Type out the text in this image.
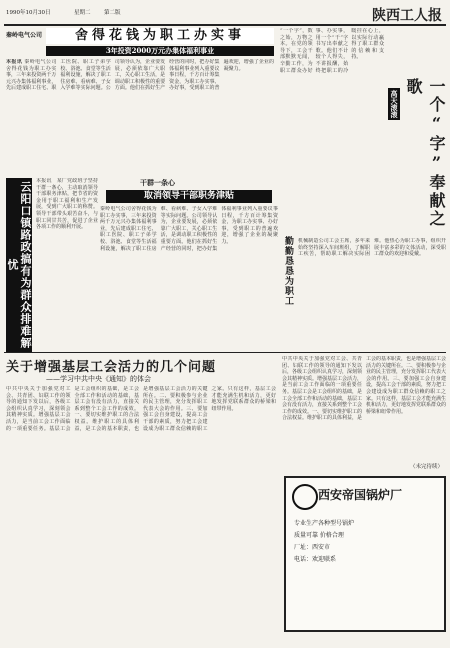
1990年10月30日	星期二 第二版	陕西工人报
秦岭电气公司	舍得花钱为职工办实事
3年投资2000万元办集体福利事业
本报讯 秦岭电气公司舍得花钱为职工办实事，三年来投资两千万元兴办集体福利事业，先后建成职工住宅、职工医院、职工子弟学校、浴池、食堂等生活福利设施，解决了职工住房难、看病难、子女入学难等实际问题。公司领导认为，企业要发展，必须依靠广大职工，关心职工生活，是调动职工积极性的重要方面。他们在抓好生产经营的同时，把办好集体福利事业列入重要议事日程，千方百计筹集资金，为职工办实事、办好事，受到职工的普遍欢迎，增强了企业的凝聚力。
“一个字”，数之始，万物之本。在党的领导下，工会干部默默无闻，辛勤工作，为职工群众办好事、办实事，用一个“干”字书写出奉献之歌。他们不计较个人得失，不讲报酬，始终把职工的冷暖挂在心上，以实际行动赢得了职工群众的信赖和支持。
高天滚滚	一个“字”奉献之歌
云阳口镇路政搞有为群众排难解忧
本报讯　某厂党政班子坚持干群一条心，主动取消领导干部职务津贴，把节省的资金用于职工福利和生产发展，受到广大职工的称赞。领导干部带头艰苦奋斗，与职工同甘共苦，促进了企业各项工作的顺利开展。
干群一条心
取消领导干部职务津贴
秦岭电气公司舍得花钱为职工办实事，三年来投资两千万元兴办集体福利事业，先后建成职工住宅、职工医院、职工子弟学校、浴池、食堂等生活福利设施，解决了职工住房难、看病难、子女入学难等实际问题。公司领导认为，企业要发展，必须依靠广大职工，关心职工生活，是调动职工积极性的重要方面。他们在抓好生产经营的同时，把办好集体福利事业列入重要议事日程，千方百计筹集资金，为职工办实事、办好事，受到职工的普遍欢迎，增强了企业的凝聚力。	勤勤恳恳为职工	机械制造公司工会主席，多年来始终坚持深入车间班组，了解职工疾苦，帮助职工解决实际困难。他热心为职工办事，组织开展丰富多彩的文体活动，深受职工群众的欢迎和爱戴。
关于增强基层工会活力的几个问题
——学习中共中央《通知》的体会
中共中央关于加强党对工会、共青团、妇联工作的领导的通知下发以后，各级工会组织认真学习，深刻领会其精神实质。增强基层工会活力，是当前工会工作面临的一项重要任务。基层工会是工会组织的基础，是工会全部工作和活动的基础，基层工会有没有活力，直接关系到整个工会工作的成效。一、要切实维护职工的合法权益。维护职工的具体利益，是工会的基本职责，也是增强基层工会活力的关键所在。二、要积极参与企业的民主管理，充分发挥职工代表大会的作用。三、要加强工会自身建设，提高工会干部的素质，努力把工会建设成为职工群众信赖的职工之家。只有这样，基层工会才能充满生机和活力，更好地发挥党联系群众的桥梁和纽带作用。
中共中央关于加强党对工会、共青团、妇联工作的领导的通知下发以后，各级工会组织认真学习，深刻领会其精神实质。增强基层工会活力，是当前工会工作面临的一项重要任务。基层工会是工会组织的基础，是工会全部工作和活动的基础，基层工会有没有活力，直接关系到整个工会工作的成效。一、要切实维护职工的合法权益。维护职工的具体利益，是工会的基本职责，也是增强基层工会活力的关键所在。二、要积极参与企业的民主管理，充分发挥职工代表大会的作用。三、要加强工会自身建设，提高工会干部的素质，努力把工会建设成为职工群众信赖的职工之家。只有这样，基层工会才能充满生机和活力，更好地发挥党联系群众的桥梁和纽带作用。
（未完待续）
西安帝国锅炉厂
专业生产各种型号锅炉
质量可靠 价格合理
厂址：西安市
电话：欢迎联系
